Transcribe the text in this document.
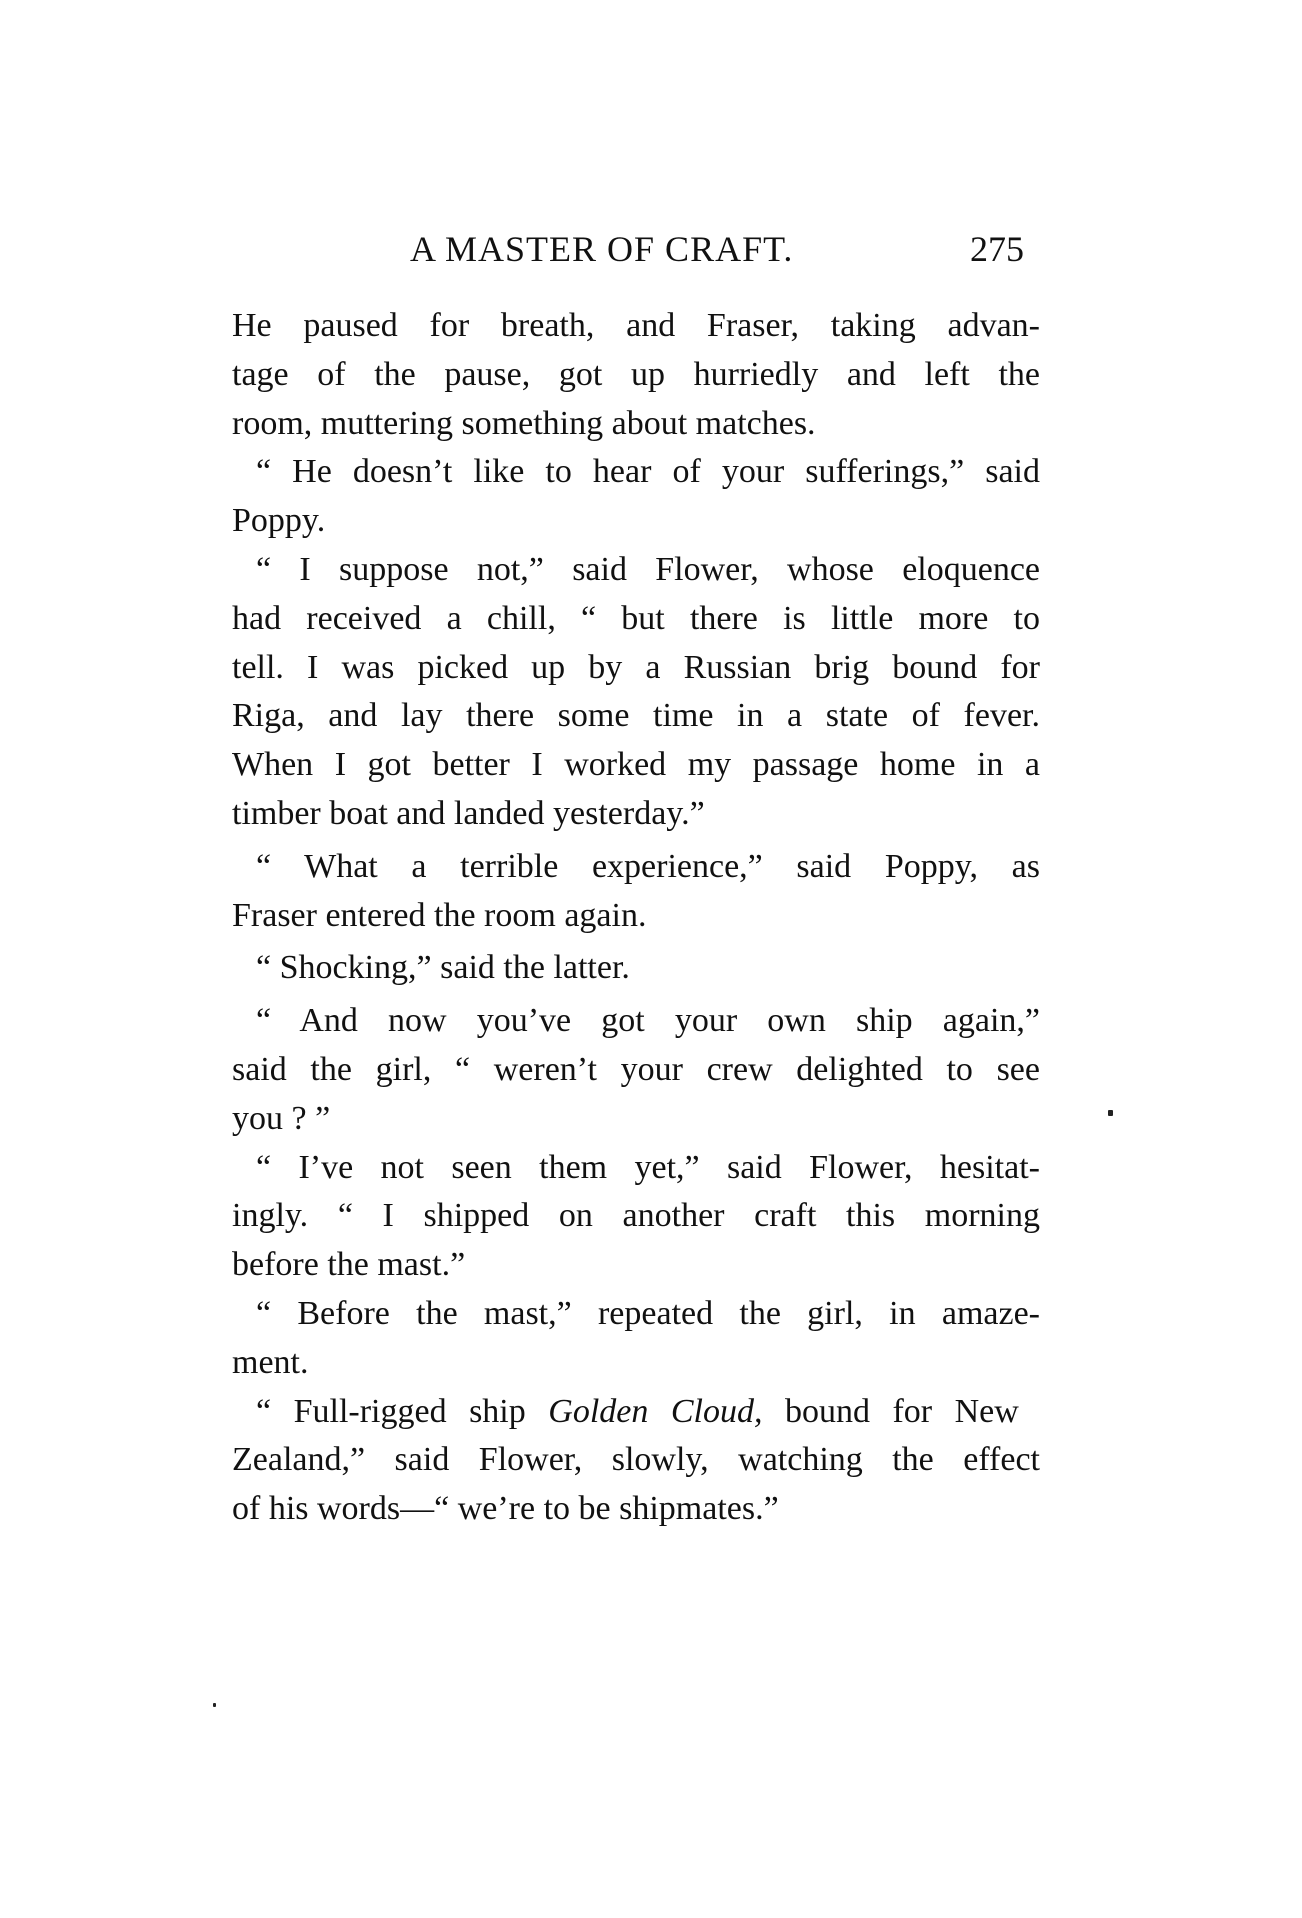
A MASTER OF CRAFT.	275
He paused for breath, and Fraser, taking advan-
tage of the pause, got up hurriedly and left the
room, muttering something about matches.
“ He doesn’t like to hear of your sufferings,” said
Poppy.
“ I suppose not,” said Flower, whose eloquence
had received a chill, “ but there is little more to
tell. I was picked up by a Russian brig bound for
Riga, and lay there some time in a state of fever.
When I got better I worked my passage home in a
timber boat and landed yesterday.”
“ What a terrible experience,” said Poppy, as
Fraser entered the room again.
“ Shocking,” said the latter.
“ And now you’ve got your own ship again,”
said the girl, “ weren’t your crew delighted to see
you ? ”
“ I’ve not seen them yet,” said Flower, hesitat-
ingly. “ I shipped on another craft this morning
before the mast.”
“ Before the mast,” repeated the girl, in amaze-
ment.
“ Full-rigged ship Golden Cloud, bound for New
Zealand,” said Flower, slowly, watching the effect
of his words—“ we’re to be shipmates.”
